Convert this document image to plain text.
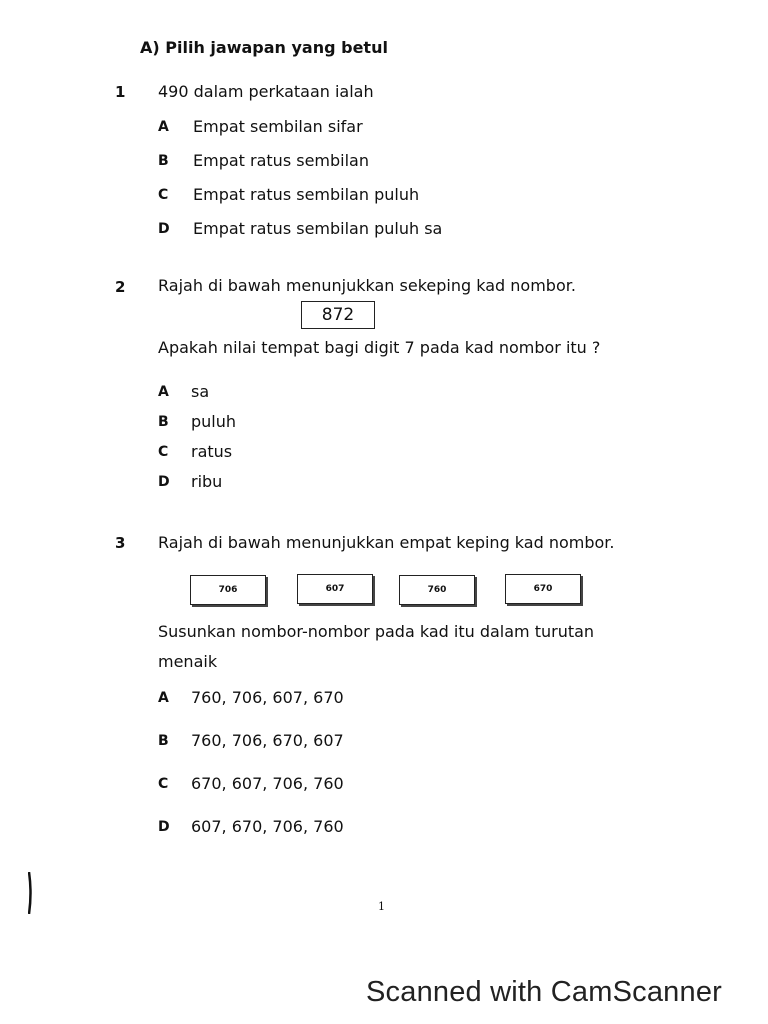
A) Pilih jawapan yang betul
1 490 dalam perkataan ialah
A Empat sembilan sifar
B Empat ratus sembilan
C Empat ratus sembilan puluh
D Empat ratus sembilan puluh sa
2 Rajah di bawah menunjukkan sekeping kad nombor.
872
Apakah nilai tempat bagi digit 7 pada kad nombor itu ?
A sa
B puluh
C ratus
D ribu
3 Rajah di bawah menunjukkan empat keping kad nombor.
706	607	760	670
Susunkan nombor-nombor pada kad itu dalam turutan
menaik
A 760, 706, 607, 670
B 760, 706, 670, 607
C 670, 607, 706, 760
D 607, 670, 706, 760
1
Scanned with CamScanner
